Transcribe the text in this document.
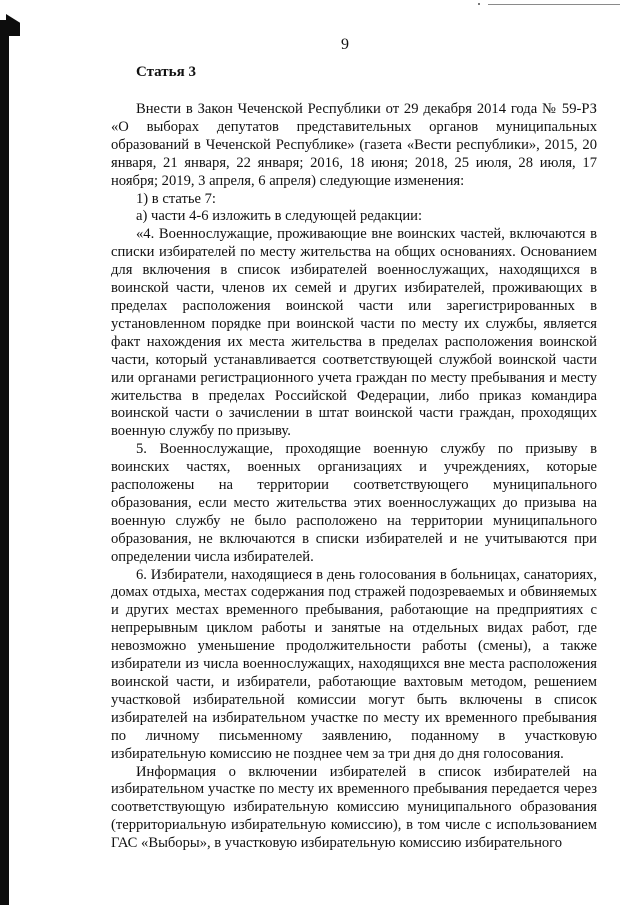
9
Статья 3

Внести в Закон Чеченской Республики от 29 декабря 2014 года № 59-РЗ «О выборах депутатов представительных органов муниципальных образований в Чеченской Республике» (газета «Вести республики», 2015, 20 января, 21 января, 22 января; 2016, 18 июня; 2018, 25 июля, 28 июля, 17 ноября; 2019, 3 апреля, 6 апреля) следующие изменения:

1) в статье 7:

а) части 4-6 изложить в следующей редакции:

«4. Военнослужащие, проживающие вне воинских частей, включаются в списки избирателей по месту жительства на общих основаниях. Основанием для включения в список избирателей военнослужащих, находящихся в воинской части, членов их семей и других избирателей, проживающих в пределах расположения воинской части или зарегистрированных в установленном порядке при воинской части по месту их службы, является факт нахождения их места жительства в пределах расположения воинской части, который устанавливается соответствующей службой воинской части или органами регистрационного учета граждан по месту пребывания и месту жительства в пределах Российской Федерации, либо приказ командира воинской части о зачислении в штат воинской части граждан, проходящих военную службу по призыву.

5. Военнослужащие, проходящие военную службу по призыву в воинских частях, военных организациях и учреждениях, которые расположены на территории соответствующего муниципального образования, если место жительства этих военнослужащих до призыва на военную службу не было расположено на территории муниципального образования, не включаются в списки избирателей и не учитываются при определении числа избирателей.

6. Избиратели, находящиеся в день голосования в больницах, санаториях, домах отдыха, местах содержания под стражей подозреваемых и обвиняемых и других местах временного пребывания, работающие на предприятиях с непрерывным циклом работы и занятые на отдельных видах работ, где невозможно уменьшение продолжительности работы (смены), а также избиратели из числа военнослужащих, находящихся вне места расположения воинской части, и избиратели, работающие вахтовым методом, решением участковой избирательной комиссии могут быть включены в список избирателей на избирательном участке по месту их временного пребывания по личному письменному заявлению, поданному в участковую избирательную комиссию не позднее чем за три дня до дня голосования.

Информация о включении избирателей в список избирателей на избирательном участке по месту их временного пребывания передается через соответствующую избирательную комиссию муниципального образования (территориальную избирательную комиссию), в том числе с использованием ГАС «Выборы», в участковую избирательную комиссию избирательного
